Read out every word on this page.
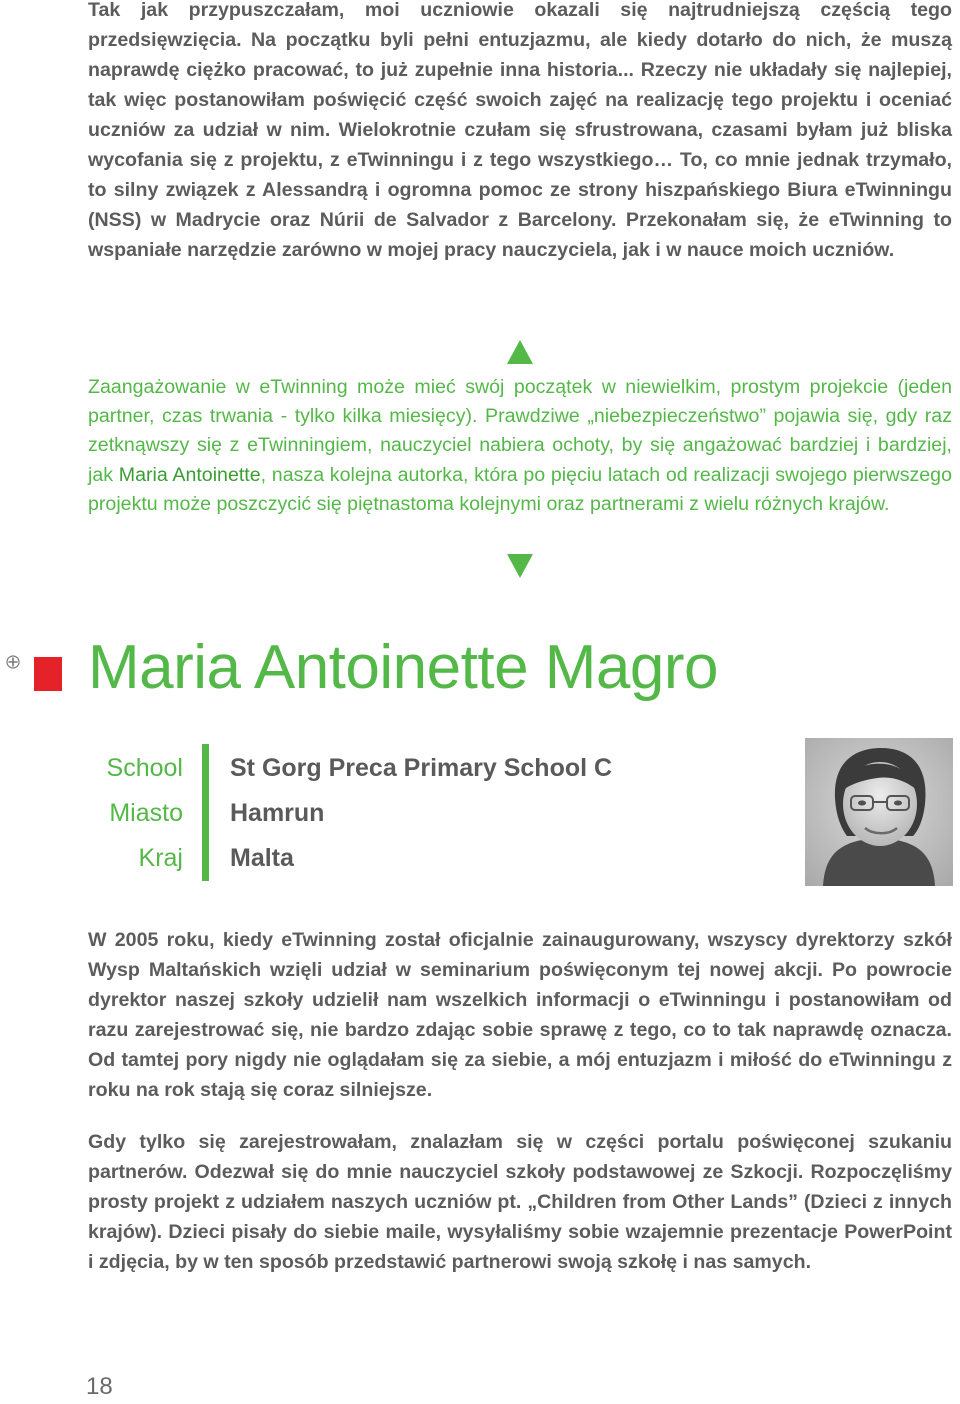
Tak jak przypuszczałam, moi uczniowie okazali się najtrudniejszą częścią tego przedsięwzięcia. Na początku byli pełni entuzjazmu, ale kiedy dotarło do nich, że muszą naprawdę ciężko pracować, to już zupełnie inna historia... Rzeczy nie układały się najlepiej, tak więc postanowiłam poświęcić część swoich zajęć na realizację tego projektu i oceniać uczniów za udział w nim. Wielokrotnie czułam się sfrustrowana, czasami byłam już bliska wycofania się z projektu, z eTwinningu i z tego wszystkiego… To, co mnie jednak trzymało, to silny związek z Alessandrą i ogromna pomoc ze strony hiszpańskiego Biura eTwinningu (NSS) w Madrycie oraz Núrii de Salvador z Barcelony. Przekonałam się, że eTwinning to wspaniałe narzędzie zarówno w mojej pracy nauczyciela, jak i w nauce moich uczniów.

Zaangażowanie w eTwinning może mieć swój początek w niewielkim, prostym projekcie (jeden partner, czas trwania - tylko kilka miesięcy). Prawdziwe „niebezpieczeństwo” pojawia się, gdy raz zetknąwszy się z eTwinningiem, nauczyciel nabiera ochoty, by się angażować bardziej i bardziej, jak Maria Antoinette, nasza kolejna autorka, która po pięciu latach od realizacji swojego pierwszego projektu może poszczycić się piętnastoma kolejnymi oraz partnerami z wielu różnych krajów.

Maria Antoinette Magro
School
Miasto
Kraj
St Gorg Preca Primary School C
Hamrun
Malta

W 2005 roku, kiedy eTwinning został oficjalnie zainaugurowany, wszyscy dyrektorzy szkół Wysp Maltańskich wzięli udział w seminarium poświęconym tej nowej akcji. Po powrocie dyrektor naszej szkoły udzielił nam wszelkich informacji o eTwinningu i postanowiłam od razu zarejestrować się, nie bardzo zdając sobie sprawę z tego, co to tak naprawdę oznacza. Od tamtej pory nigdy nie oglądałam się za siebie, a mój entuzjazm i miłość do eTwinningu z roku na rok stają się coraz silniejsze.

Gdy tylko się zarejestrowałam, znalazłam się w części portalu poświęconej szukaniu partnerów. Odezwał się do mnie nauczyciel szkoły podstawowej ze Szkocji. Rozpoczęliśmy prosty projekt z udziałem naszych uczniów pt. „Children from Other Lands” (Dzieci z innych krajów). Dzieci pisały do siebie maile, wysyłaliśmy sobie wzajemnie prezentacje PowerPoint i zdjęcia, by w ten sposób przedstawić partnerowi swoją szkołę i nas samych.

18
